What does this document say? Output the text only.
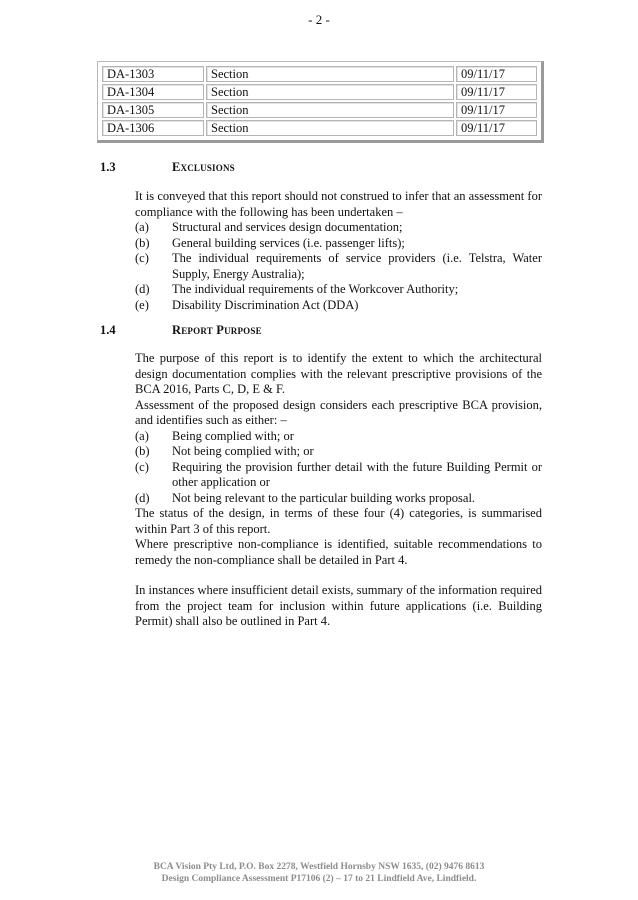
- 2 -
DA-1303	Section	09/11/17
DA-1304	Section	09/11/17
DA-1305	Section	09/11/17
DA-1306	Section	09/11/17
1.3	Exclusions

It is conveyed that this report should not construed to infer that an assessment for compliance with the following has been undertaken –

(a)	Structural and services design documentation;
(b)	General building services (i.e. passenger lifts);
(c)	The individual requirements of service providers (i.e. Telstra, Water Supply, Energy Australia);
(d)	The individual requirements of the Workcover Authority;
(e)	Disability Discrimination Act (DDA)
1.4	Report Purpose

The purpose of this report is to identify the extent to which the architectural design documentation complies with the relevant prescriptive provisions of the BCA 2016, Parts C, D, E & F.

Assessment of the proposed design considers each prescriptive BCA provision, and identifies such as either: –

(a)	Being complied with; or
(b)	Not being complied with; or
(c)	Requiring the provision further detail with the future Building Permit or other application or
(d)	Not being relevant to the particular building works proposal.

The status of the design, in terms of these four (4) categories, is summarised within Part 3 of this report.

Where prescriptive non-compliance is identified, suitable recommendations to remedy the non-compliance shall be detailed in Part 4.

In instances where insufficient detail exists, summary of the information required from the project team for inclusion within future applications (i.e. Building Permit) shall also be outlined in Part 4.

BCA Vision Pty Ltd, P.O. Box 2278, Westfield Hornsby NSW 1635, (02) 9476 8613
Design Compliance Assessment P17106 (2) – 17 to 21 Lindfield Ave, Lindfield.
